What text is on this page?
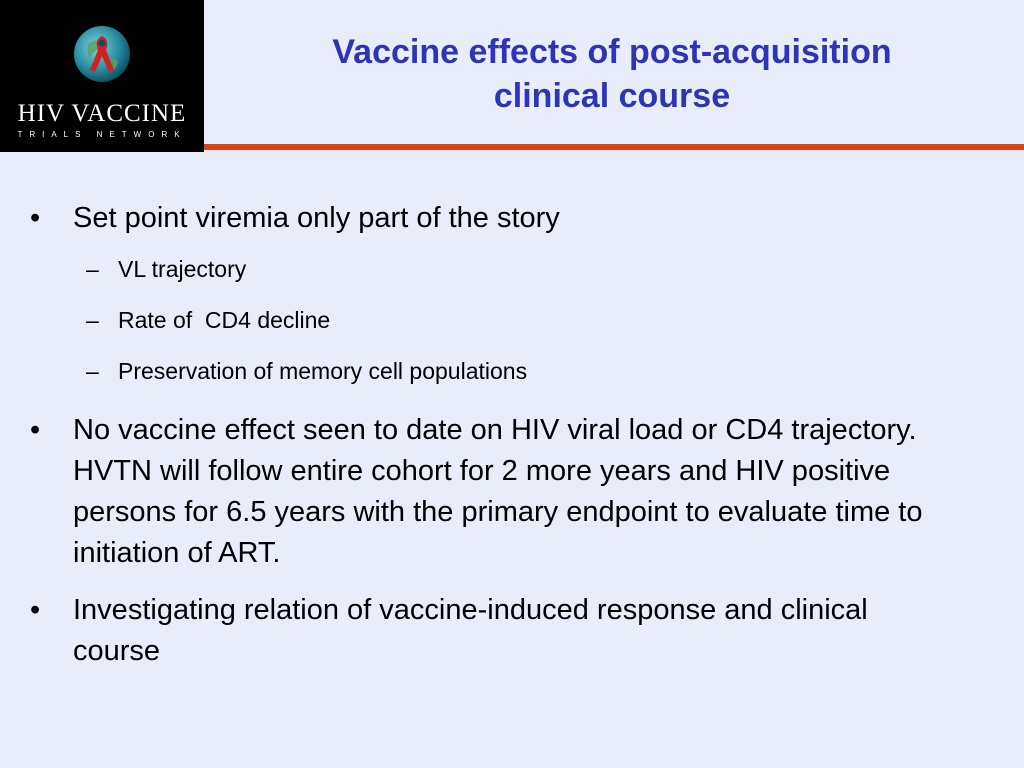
HIV VACCINE
TRIALS NETWORK
Vaccine effects of post-acquisition
clinical course
• Set point viremia only part of the story
– VL trajectory
– Rate of  CD4 decline
– Preservation of memory cell populations
• No vaccine effect seen to date on HIV viral load or CD4 trajectory. HVTN will follow entire cohort for 2 more years and HIV positive persons for 6.5 years with the primary endpoint to evaluate time to initiation of ART.
• Investigating relation of vaccine-induced response and clinical course
